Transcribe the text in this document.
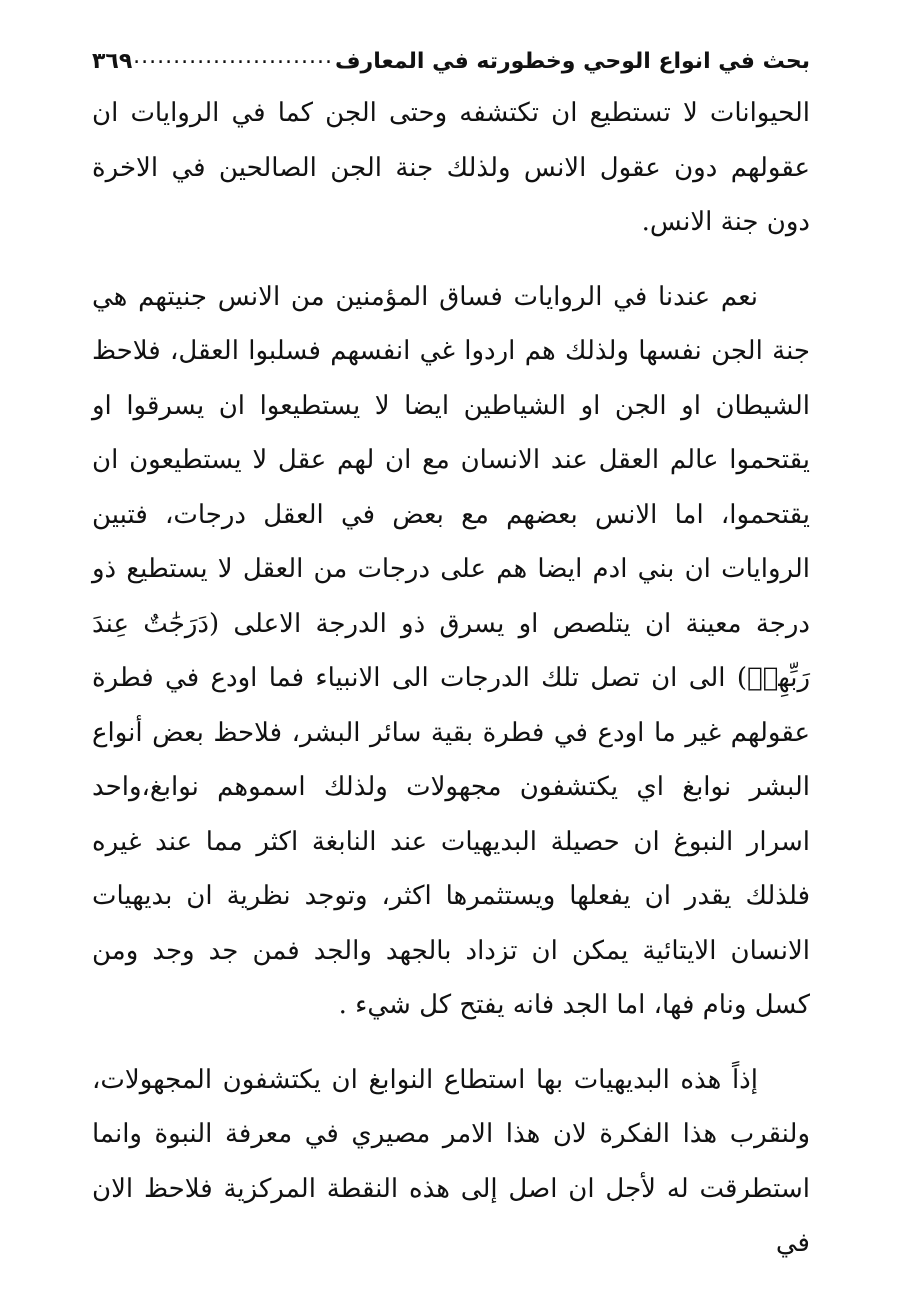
بحث في انواع الوحي وخطورته في المعارف
.....
٣٦٩

الحيوانات لا تستطيع ان تكتشفه وحتى الجن كما في الروايات ان عقولهم دون عقول الانس ولذلك جنة الجن الصالحين في الاخرة دون جنة الانس.

نعم عندنا في الروايات فساق المؤمنين من الانس جنيتهم هي جنة الجن نفسها ولذلك هم اردوا غي انفسهم فسلبوا العقل، فلاحظ الشيطان او الجن او الشياطين ايضا لا يستطيعوا ان يسرقوا او يقتحموا عالم العقل عند الانسان مع ان لهم عقل لا يستطيعون ان يقتحموا، اما الانس بعضهم مع بعض في العقل درجات، فتبين الروايات ان بني ادم ايضا هم على درجات من العقل لا يستطيع ذو درجة معينة ان يتلصص او يسرق ذو الدرجة الاعلى (دَرَجَٰتٌ عِندَ رَبِّهِمۡ) الى ان تصل تلك الدرجات الى الانبياء فما اودع في فطرة عقولهم غير ما اودع في فطرة بقية سائر البشر، فلاحظ بعض أنواع البشر نوابغ اي يكتشفون مجهولات ولذلك اسموهم نوابغ،واحد اسرار النبوغ ان حصيلة البديهيات عند النابغة اكثر مما عند غيره فلذلك يقدر ان يفعلها ويستثمرها اكثر، وتوجد نظرية ان بديهيات الانسان الايتائية يمكن ان تزداد بالجهد والجد فمن جد وجد ومن كسل ونام فها، اما الجد فانه يفتح كل شيء .

إذاً هذه البديهيات بها استطاع النوابغ ان يكتشفون المجهولات، ولنقرب هذا الفكرة لان هذا الامر مصيري في معرفة النبوة وانما استطرقت له لأجل ان اصل إلى هذه النقطة المركزية فلاحظ الان في
